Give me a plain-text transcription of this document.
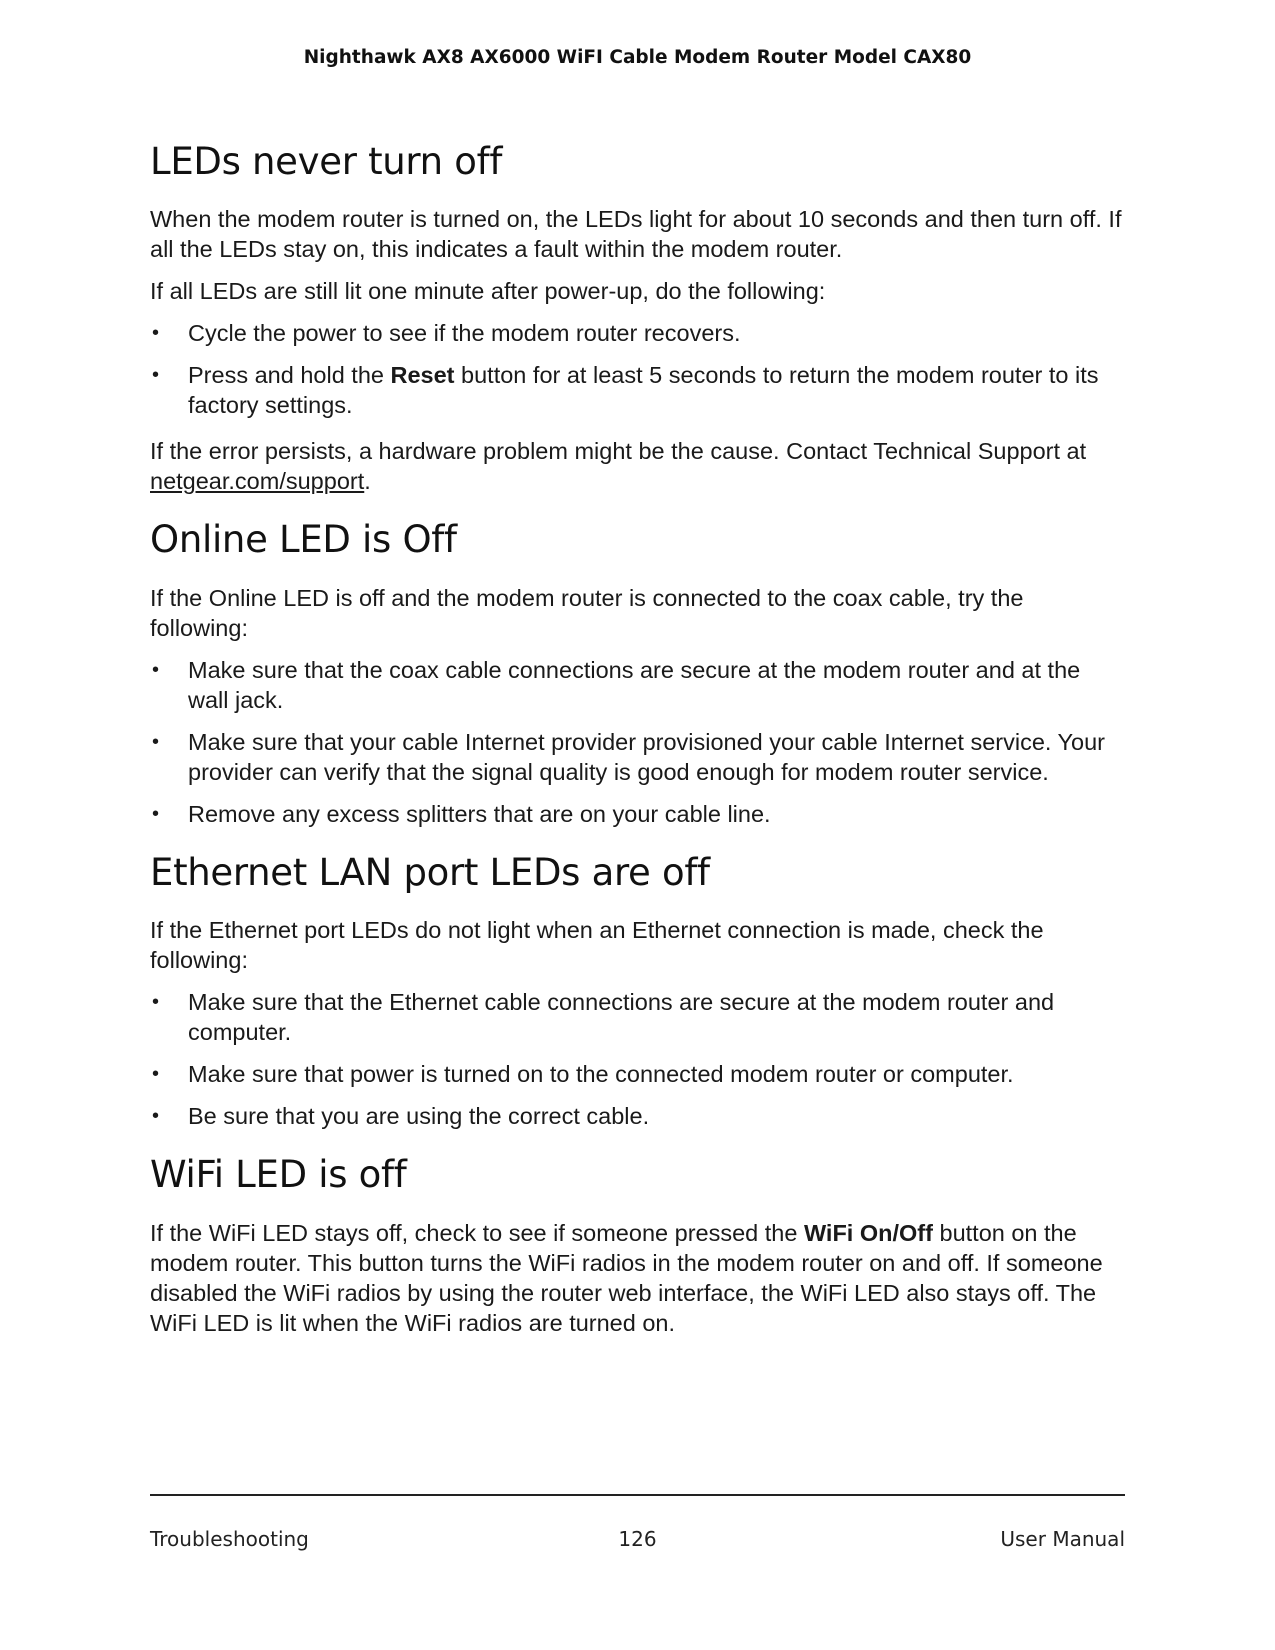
Nighthawk AX8 AX6000 WiFI Cable Modem Router Model CAX80
LEDs never turn off

When the modem router is turned on, the LEDs light for about 10 seconds and then turn off. If all the LEDs stay on, this indicates a fault within the modem router.

If all LEDs are still lit one minute after power-up, do the following:

• Cycle the power to see if the modem router recovers.
• Press and hold the Reset button for at least 5 seconds to return the modem router to its factory settings.

If the error persists, a hardware problem might be the cause. Contact Technical Support at netgear.com/support.

Online LED is Off

If the Online LED is off and the modem router is connected to the coax cable, try the following:

• Make sure that the coax cable connections are secure at the modem router and at the wall jack.
• Make sure that your cable Internet provider provisioned your cable Internet service. Your provider can verify that the signal quality is good enough for modem router service.
• Remove any excess splitters that are on your cable line.
Ethernet LAN port LEDs are off

If the Ethernet port LEDs do not light when an Ethernet connection is made, check the following:

• Make sure that the Ethernet cable connections are secure at the modem router and computer.
• Make sure that power is turned on to the connected modem router or computer.
• Be sure that you are using the correct cable.
WiFi LED is off

If the WiFi LED stays off, check to see if someone pressed the WiFi On/Off button on the modem router. This button turns the WiFi radios in the modem router on and off. If someone disabled the WiFi radios by using the router web interface, the WiFi LED also stays off. The WiFi LED is lit when the WiFi radios are turned on.

Troubleshooting	126	User Manual
